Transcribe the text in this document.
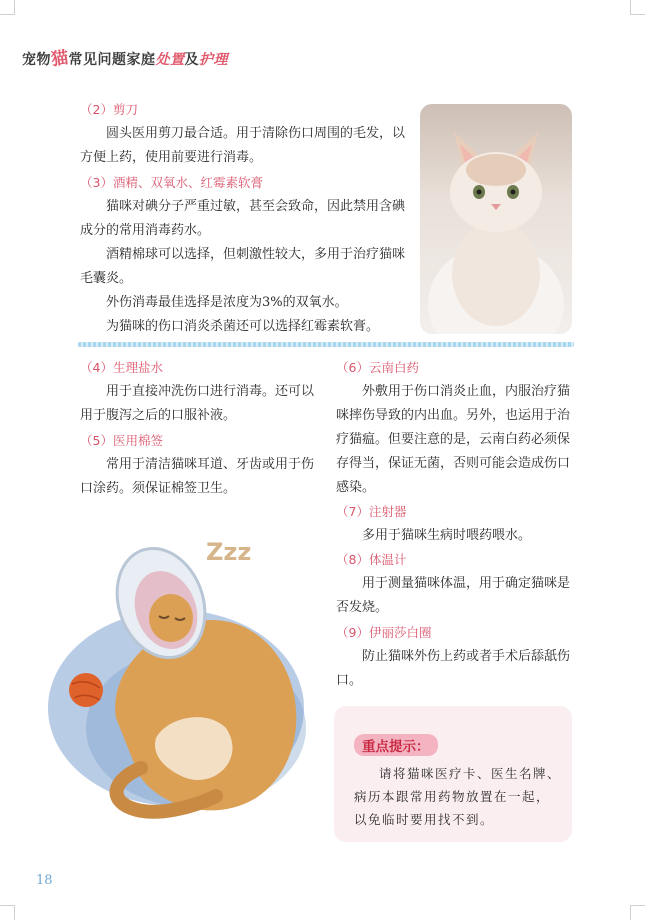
宠物猫常见问题家庭处置及护理
（2）剪刀

圆头医用剪刀最合适。用于清除伤口周围的毛发，以方便上药，使用前要进行消毒。

（3）酒精、双氧水、红霉素软膏

猫咪对碘分子严重过敏，甚至会致命，因此禁用含碘成分的常用消毒药水。

酒精棉球可以选择，但刺激性较大，多用于治疗猫咪毛囊炎。

外伤消毒最佳选择是浓度为3%的双氧水。

为猫咪的伤口消炎杀菌还可以选择红霉素软膏。

（4）生理盐水

用于直接冲洗伤口进行消毒。还可以用于腹泻之后的口服补液。

（5）医用棉签

常用于清洁猫咪耳道、牙齿或用于伤口涂药。须保证棉签卫生。

（6）云南白药

外敷用于伤口消炎止血，内服治疗猫咪摔伤导致的内出血。另外，也运用于治疗猫瘟。但要注意的是，云南白药必须保存得当，保证无菌，否则可能会造成伤口感染。

（7）注射器

多用于猫咪生病时喂药喂水。

（8）体温计

用于测量猫咪体温，用于确定猫咪是否发烧。

（9）伊丽莎白圈

防止猫咪外伤上药或者手术后舔舐伤口。

Zzz
重点提示：

请将猫咪医疗卡、医生名牌、病历本跟常用药物放置在一起，以免临时要用找不到。

18
